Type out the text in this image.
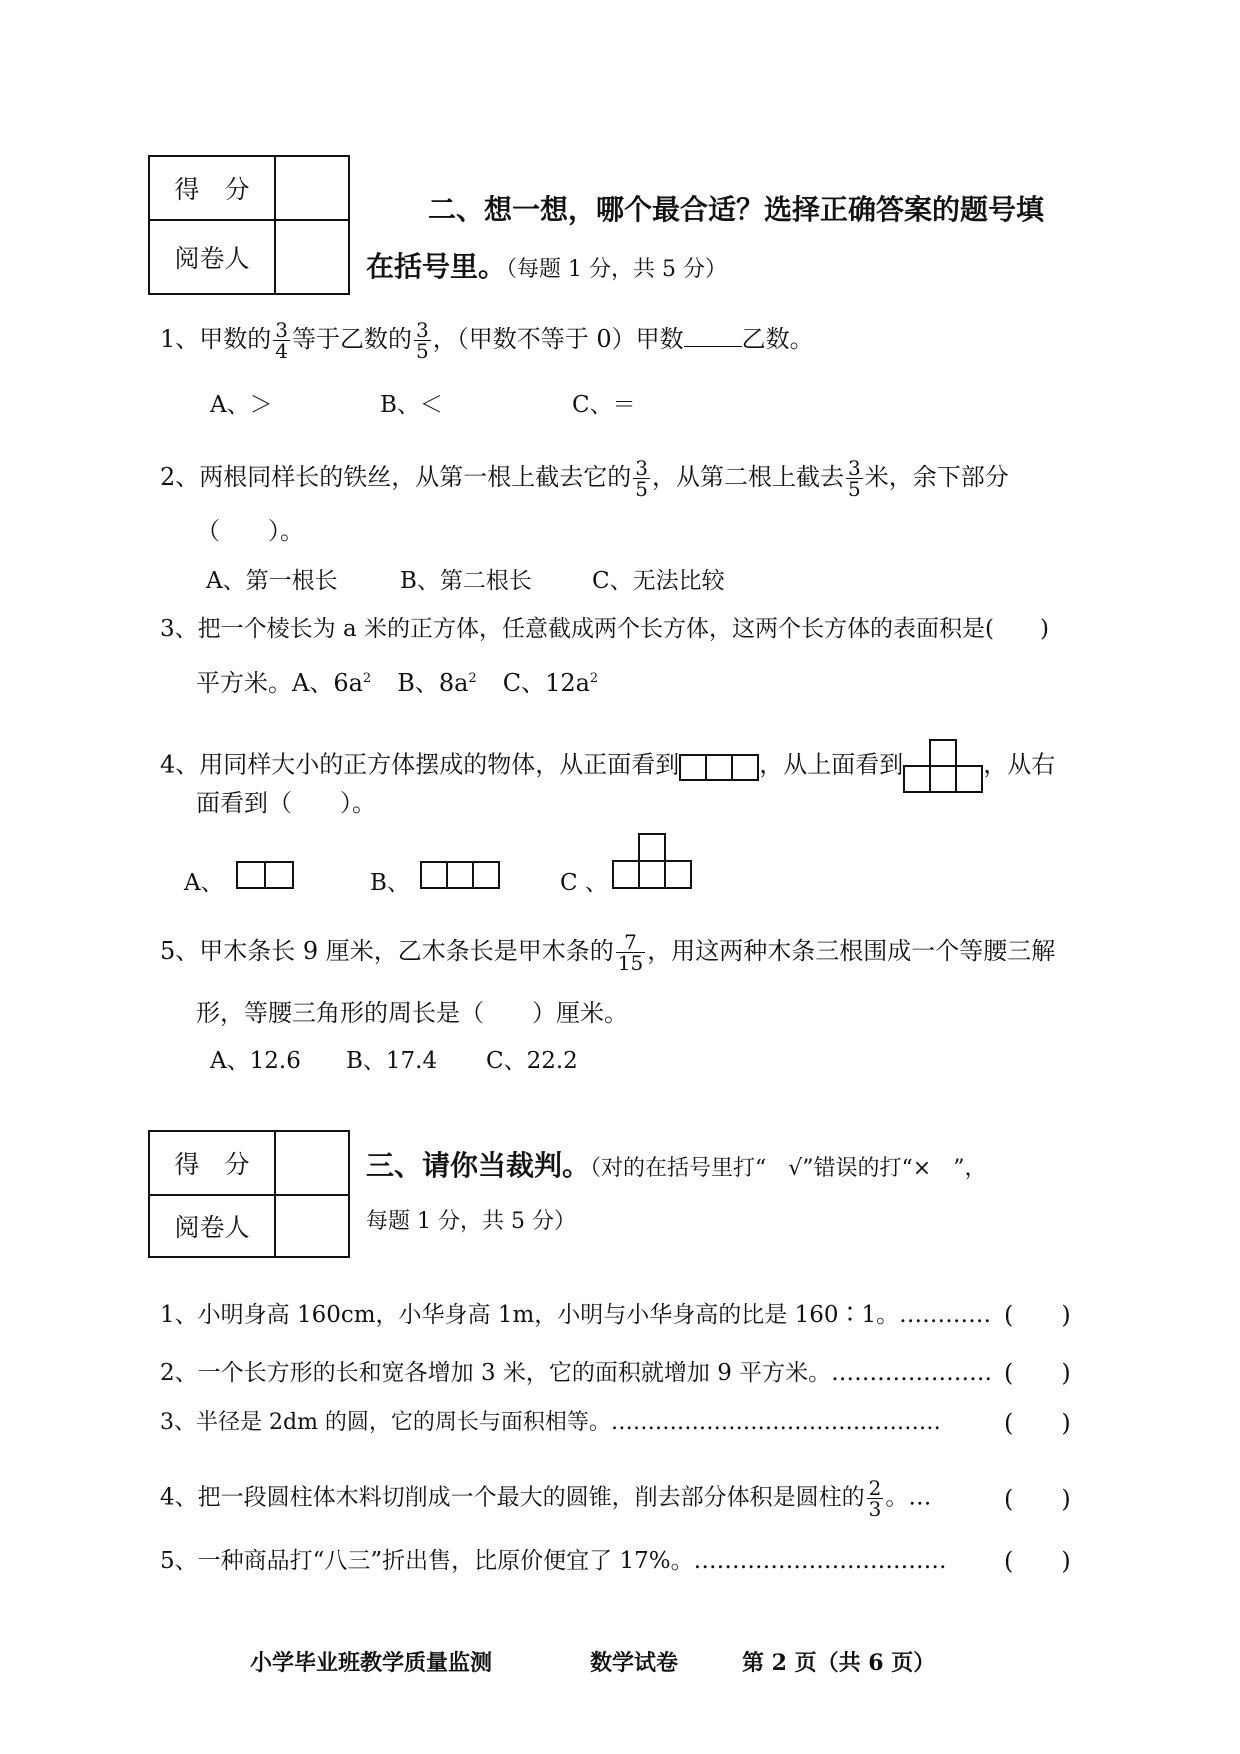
得　分	
阅卷人	
二、想一想，哪个最合适？选择正确答案的题号填
在括号里。（每题 1 分，共 5 分）
1、甲数的 $\frac{3}{4}$ 等于乙数的 $\frac{3}{5}$ ，（甲数不等于 0）甲数 乙数。
A、＞	B、＜	C、＝
2、两根同样长的铁丝，从第一根上截去它的 $\frac{3}{5}$ ，从第二根上截去 $\frac{3}{5}$ 米，余下部分
（　　）。
A、第一根长	B、第二根长	C、无法比较
3、把一个棱长为 a 米的正方体，任意截成两个长方体，这两个长方体的表面积是(　　)
平方米。A、$6a^2$ B、$8a^2$ C、$12a^2$
4、用同样大小的正方体摆成的物体，从正面看到	，从上面看到	，从右
面看到（　　）。
A、	B、	C 、
5、甲木条长 9 厘米，乙木条长是甲木条的 $\frac{7}{15}$ ，用这两种木条三根围成一个等腰三解
形，等腰三角形的周长是（　　）厘米。
A、12.6 B、17.4 C、22.2
得　分	
阅卷人	
三、请你当裁判。（对的在括号里打“　√”错误的打“×　”，
每题 1 分，共 5 分）
1、小明身高 160cm，小华身高 1m，小明与小华身高的比是 160∶1。………… (　　)
2、一个长方形的长和宽各增加 3 米，它的面积就增加 9 平方米。………………… (　　)
3、半径是 2dm 的圆，它的周长与面积相等。………………………………………	(　　)
4、把一段圆柱体木料切削成一个最大的圆锥，削去部分体积是圆柱的 $\frac{2}{3}$ 。…	(　　)
5、一种商品打“八三”折出售，比原价便宜了 17%。…………………………… (　　)
小学毕业班教学质量监测	数学试卷	第 2 页（共 6 页）
